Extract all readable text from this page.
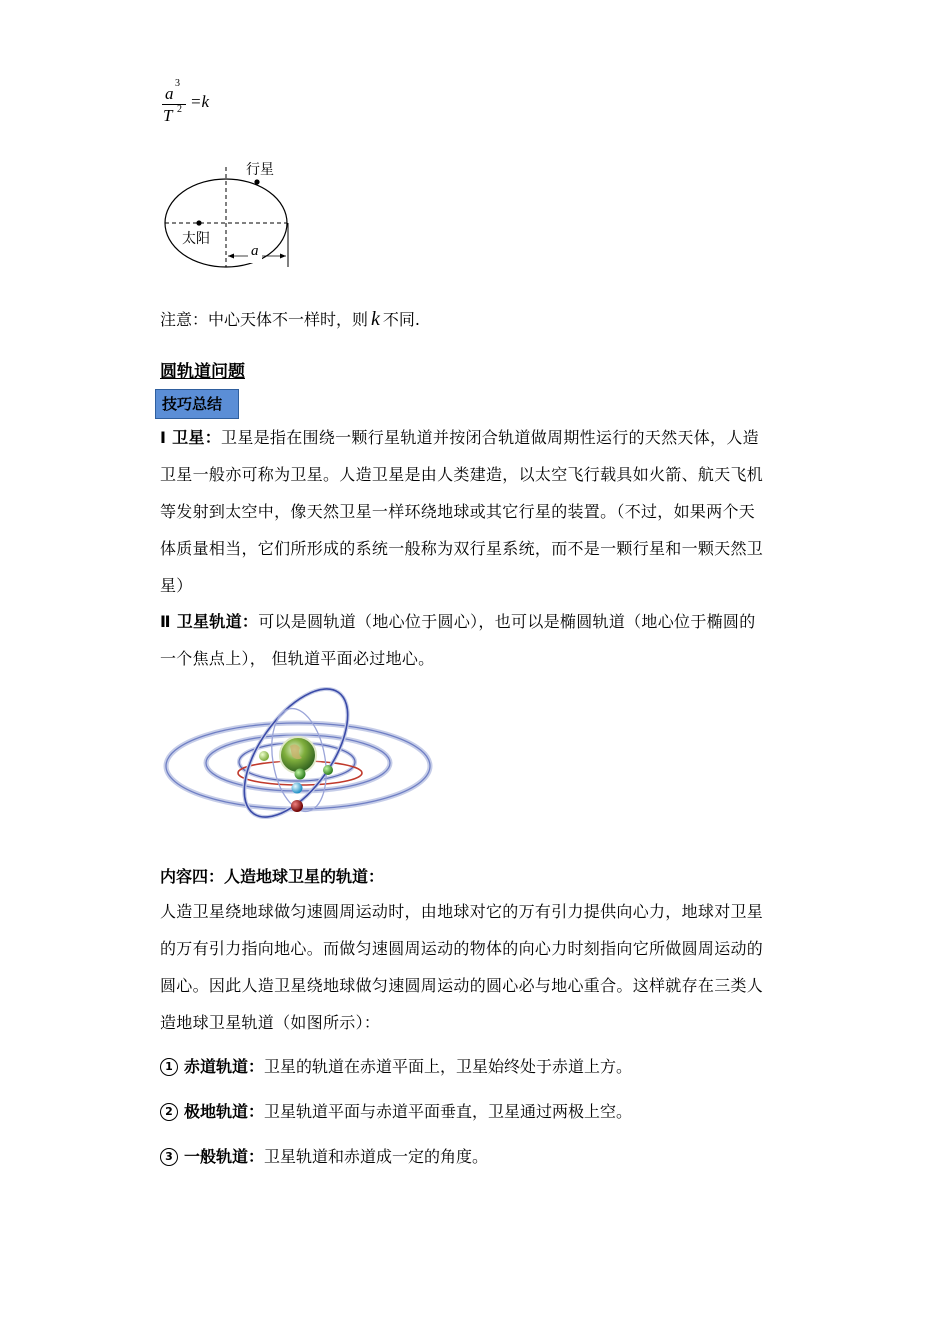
a
3
T 2 =k
行星
太阳
a
注意：中心天体不一样时，则 k 不同.
圆轨道问题
技巧总结
Ⅰ 卫星：卫星是指在围绕一颗行星轨道并按闭合轨道做周期性运行的天然天体，人造
卫星一般亦可称为卫星。人造卫星是由人类建造，以太空飞行载具如火箭、航天飞机
等发射到太空中，像天然卫星一样环绕地球或其它行星的装置。（不过，如果两个天
体质量相当，它们所形成的系统一般称为双行星系统，而不是一颗行星和一颗天然卫
星）
Ⅱ 卫星轨道：可以是圆轨道（地心位于圆心），也可以是椭圆轨道（地心位于椭圆的
一个焦点上）， 但轨道平面必过地心。
内容四：人造地球卫星的轨道：
人造卫星绕地球做匀速圆周运动时，由地球对它的万有引力提供向心力，地球对卫星
的万有引力指向地心。而做匀速圆周运动的物体的向心力时刻指向它所做圆周运动的
圆心。因此人造卫星绕地球做匀速圆周运动的圆心必与地心重合。这样就存在三类人
造地球卫星轨道（如图所示）：
1 赤道轨道：卫星的轨道在赤道平面上，卫星始终处于赤道上方。
2 极地轨道：卫星轨道平面与赤道平面垂直，卫星通过两极上空。
3 一般轨道：卫星轨道和赤道成一定的角度。
